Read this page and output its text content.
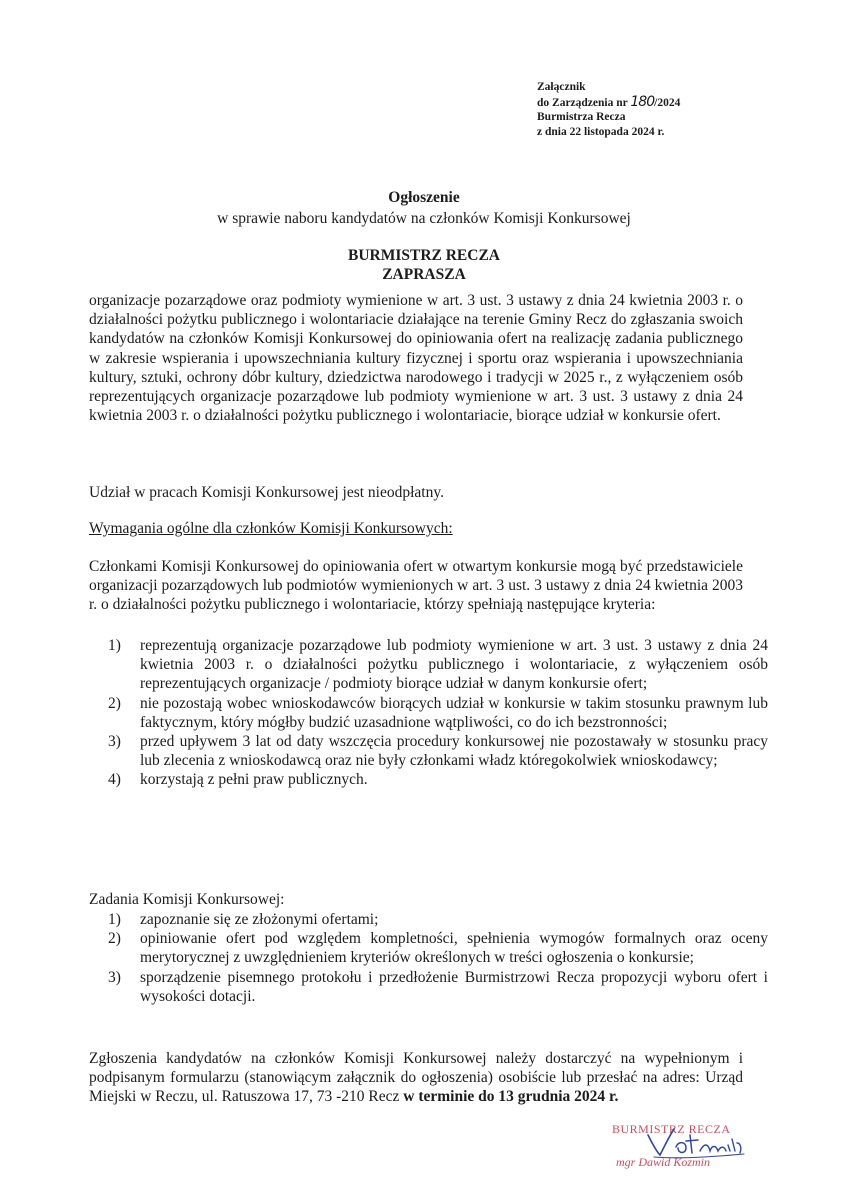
Załącznik
do Zarządzenia nr 180/2024
Burmistrza Recza
z dnia 22 listopada 2024 r.
Ogłoszenie
w sprawie naboru kandydatów na członków Komisji Konkursowej
BURMISTRZ RECZA
ZAPRASZA
organizacje pozarządowe oraz podmioty wymienione w art. 3 ust. 3 ustawy z dnia 24 kwietnia 2003 r. o działalności pożytku publicznego i wolontariacie działające na terenie Gminy Recz do zgłaszania swoich kandydatów na członków Komisji Konkursowej do opiniowania ofert na realizację zadania publicznego w zakresie wspierania i upowszechniania kultury fizycznej i sportu oraz wspierania i upowszechniania kultury, sztuki, ochrony dóbr kultury, dziedzictwa narodowego i tradycji w 2025 r., z wyłączeniem osób reprezentujących organizacje pozarządowe lub podmioty wymienione w art. 3 ust. 3 ustawy z dnia 24 kwietnia 2003 r. o działalności pożytku publicznego i wolontariacie, biorące udział w konkursie ofert.
Udział w pracach Komisji Konkursowej jest nieodpłatny.
Wymagania ogólne dla członków Komisji Konkursowych:
Członkami Komisji Konkursowej do opiniowania ofert w otwartym konkursie mogą być przedstawiciele organizacji pozarządowych lub podmiotów wymienionych w art. 3 ust. 3 ustawy z dnia 24 kwietnia 2003 r. o działalności pożytku publicznego i wolontariacie, którzy spełniają następujące kryteria:
1) reprezentują organizacje pozarządowe lub podmioty wymienione w art. 3 ust. 3 ustawy z dnia 24 kwietnia 2003 r. o działalności pożytku publicznego i wolontariacie, z wyłączeniem osób reprezentujących organizacje / podmioty biorące udział w danym konkursie ofert;
2) nie pozostają wobec wnioskodawców biorących udział w konkursie w takim stosunku prawnym lub faktycznym, który mógłby budzić uzasadnione wątpliwości, co do ich bezstronności;
3) przed upływem 3 lat od daty wszczęcia procedury konkursowej nie pozostawały w stosunku pracy lub zlecenia z wnioskodawcą oraz nie były członkami władz któregokolwiek wnioskodawcy;
4) korzystają z pełni praw publicznych.
Zadania Komisji Konkursowej:
1) zapoznanie się ze złożonymi ofertami;
2) opiniowanie ofert pod względem kompletności, spełnienia wymogów formalnych oraz oceny merytorycznej z uwzględnieniem kryteriów określonych w treści ogłoszenia o konkursie;
3) sporządzenie pisemnego protokołu i przedłożenie Burmistrzowi Recza propozycji wyboru ofert i wysokości dotacji.
Zgłoszenia kandydatów na członków Komisji Konkursowej należy dostarczyć na wypełnionym i podpisanym formularzu (stanowiącym załącznik do ogłoszenia) osobiście lub przesłać na adres: Urząd Miejski w Reczu, ul. Ratuszowa 17, 73 -210 Recz w terminie do 13 grudnia 2024 r.
BURMISTRZ RECZA
mgr Dawid Kozmin
